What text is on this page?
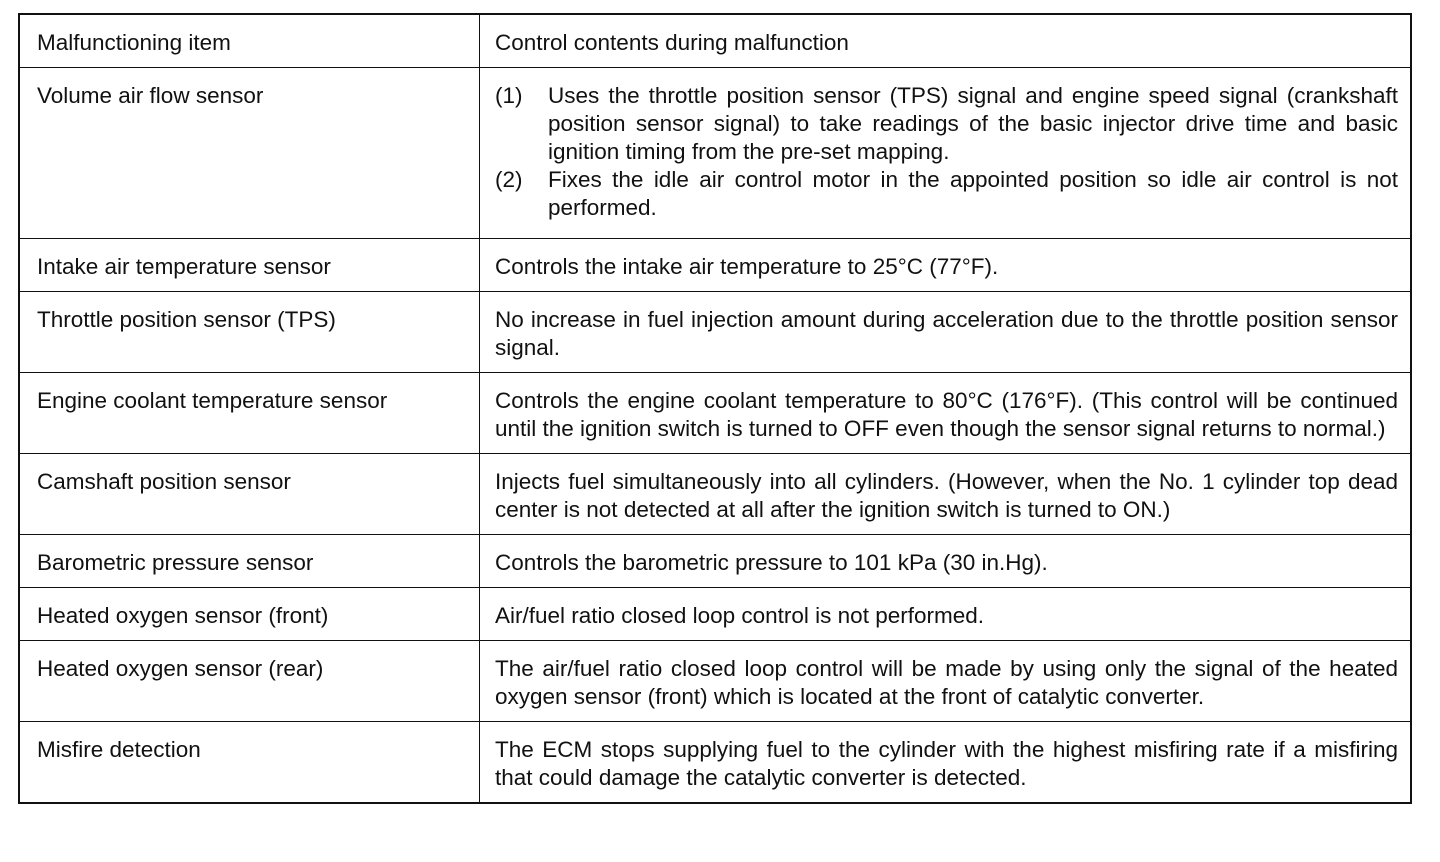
Malfunctioning item	Control contents during malfunction
Volume air flow sensor	(1) Uses the throttle position sensor (TPS) signal and engine speed signal (crankshaft position sensor signal) to take readings of the basic injector drive time and basic ignition timing from the pre-set mapping.
(2) Fixes the idle air control motor in the appointed position so idle air control is not performed.

Intake air temperature sensor	Controls the intake air temperature to 25°C (77°F).
Throttle position sensor (TPS)	No increase in fuel injection amount during acceleration due to the throttle position sensor signal.
Engine coolant temperature sensor	Controls the engine coolant temperature to 80°C (176°F). (This control will be continued until the ignition switch is turned to OFF even though the sensor signal returns to normal.)
Camshaft position sensor	Injects fuel simultaneously into all cylinders. (However, when the No. 1 cylinder top dead center is not detected at all after the ignition switch is turned to ON.)
Barometric pressure sensor	Controls the barometric pressure to 101 kPa (30 in.Hg).
Heated oxygen sensor (front)	Air/fuel ratio closed loop control is not performed.
Heated oxygen sensor (rear)	The air/fuel ratio closed loop control will be made by using only the signal of the heated oxygen sensor (front) which is located at the front of catalytic converter.
Misfire detection	The ECM stops supplying fuel to the cylinder with the highest misfiring rate if a misfiring that could damage the catalytic converter is detected.
